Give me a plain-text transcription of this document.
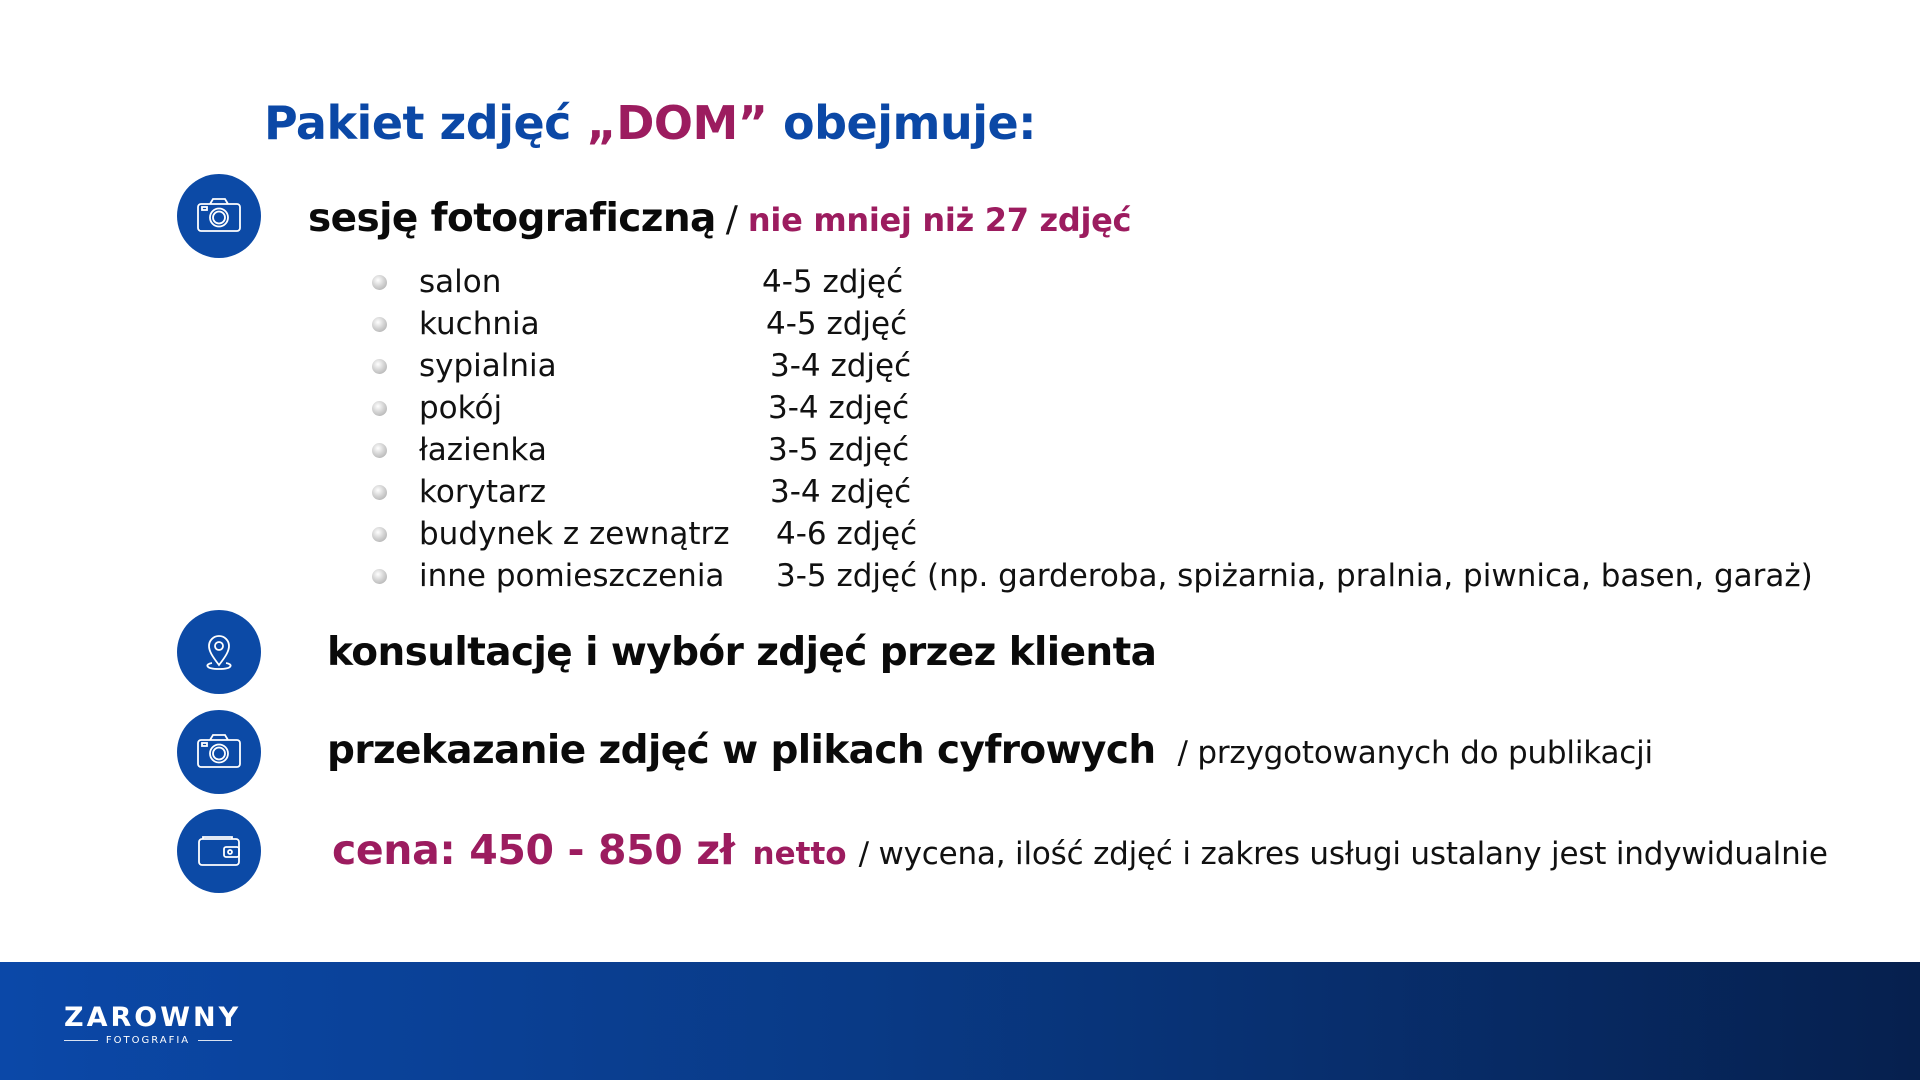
Pakiet zdjęć „DOM” obejmuje:
sesję fotograficzną / nie mniej niż 27 zdjęć
salon	4-5 zdjęć
kuchnia	4-5 zdjęć
sypialnia	3-4 zdjęć
pokój	3-4 zdjęć
łazienka	3-5 zdjęć
korytarz	3-4 zdjęć
budynek z zewnątrz 4-6 zdjęć
inne pomieszczenia 3-5 zdjęć (np. garderoba, spiżarnia, pralnia, piwnica, basen, garaż)
konsultację i wybór zdjęć przez klienta
przekazanie zdjęć w plikach cyfrowych / przygotowanych do publikacji
cena: 450 - 850 zł netto / wycena, ilość zdjęć i zakres usługi ustalany jest indywidualnie
ZAROWNY
FOTOGRAFIA
